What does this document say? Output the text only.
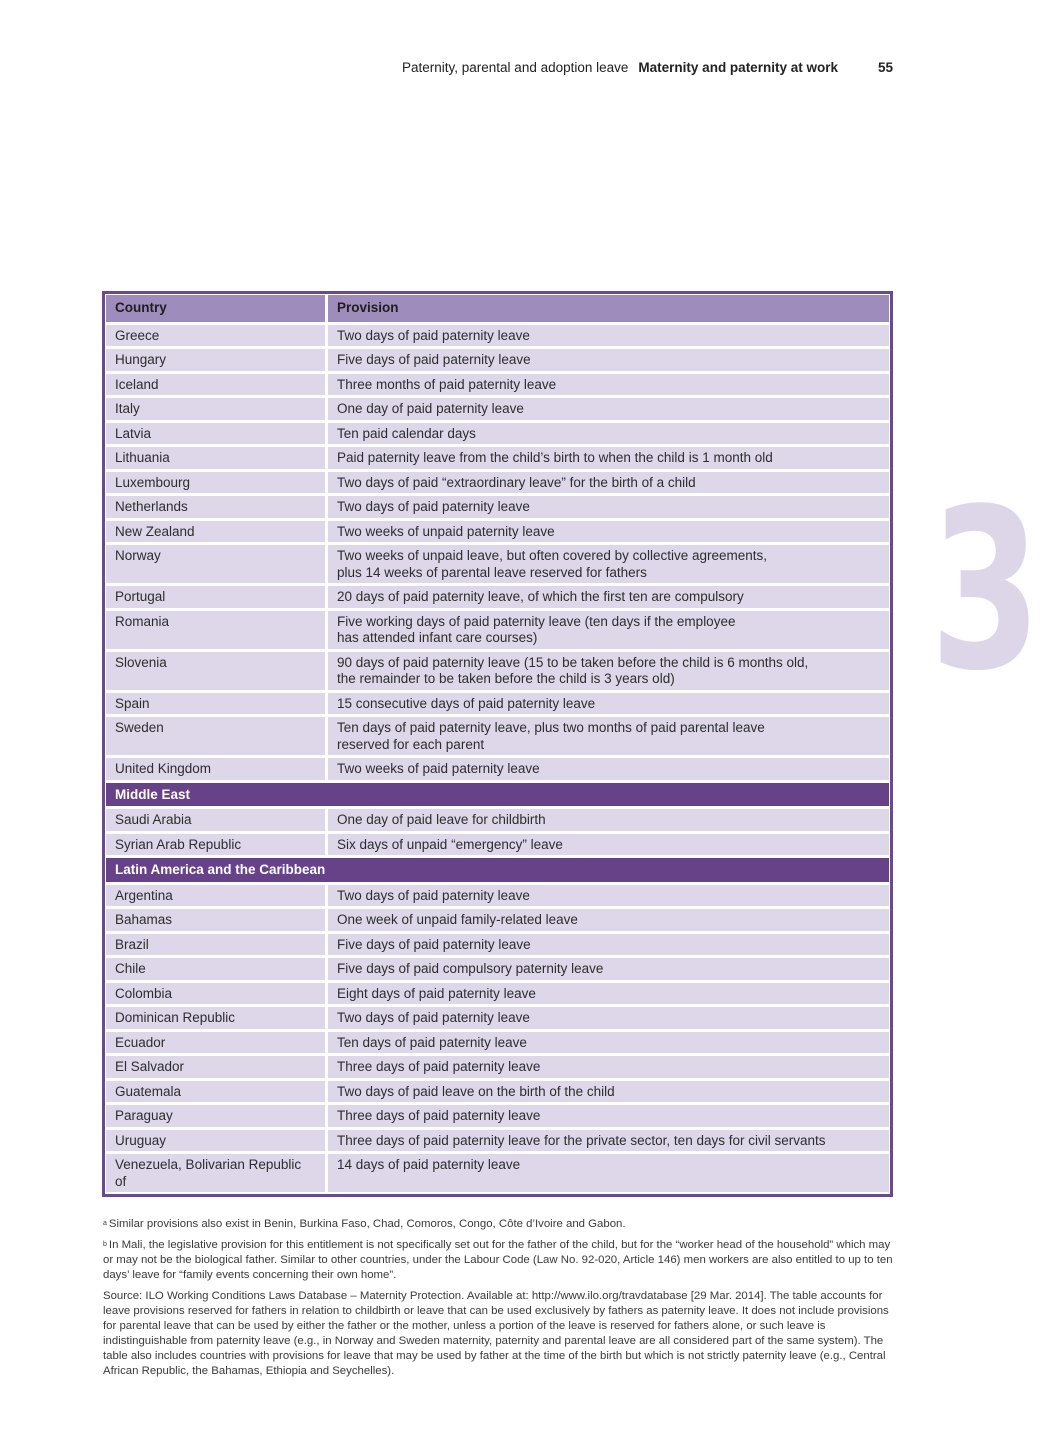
Paternity, parental and adoption leave Maternity and paternity at work	55
3
Country	Provision
Greece	Two days of paid paternity leave
Hungary	Five days of paid paternity leave
Iceland	Three months of paid paternity leave
Italy	One day of paid paternity leave
Latvia	Ten paid calendar days
Lithuania	Paid paternity leave from the child’s birth to when the child is 1 month old
Luxembourg	Two days of paid “extraordinary leave” for the birth of a child
Netherlands	Two days of paid paternity leave
New Zealand	Two weeks of unpaid paternity leave
Norway	Two weeks of unpaid leave, but often covered by collective agreements,
plus 14 weeks of parental leave reserved for fathers
Portugal	20 days of paid paternity leave, of which the first ten are compulsory
Romania	Five working days of paid paternity leave (ten days if the employee
has attended infant care courses)
Slovenia	90 days of paid paternity leave (15 to be taken before the child is 6 months old,
the remainder to be taken before the child is 3 years old)
Spain	15 consecutive days of paid paternity leave
Sweden	Ten days of paid paternity leave, plus two months of paid parental leave
reserved for each parent
United Kingdom	Two weeks of paid paternity leave
Middle East	
Saudi Arabia	One day of paid leave for childbirth
Syrian Arab Republic	Six days of unpaid “emergency” leave
Latin America and the Caribbean	
Argentina	Two days of paid paternity leave
Bahamas	One week of unpaid family-related leave
Brazil	Five days of paid paternity leave
Chile	Five days of paid compulsory paternity leave
Colombia	Eight days of paid paternity leave
Dominican Republic	Two days of paid paternity leave
Ecuador	Ten days of paid paternity leave
El Salvador	Three days of paid paternity leave
Guatemala	Two days of paid leave on the birth of the child
Paraguay	Three days of paid paternity leave
Uruguay	Three days of paid paternity leave for the private sector, ten days for civil servants
Venezuela, Bolivarian Republic of	14 days of paid paternity leave

$^a$ Similar provisions also exist in Benin, Burkina Faso, Chad, Comoros, Congo, Côte d’Ivoire and Gabon.

$^b$ In Mali, the legislative provision for this entitlement is not specifically set out for the father of the child, but for the “worker head of the household” which may or may not be the biological father. Similar to other countries, under the Labour Code (Law No. 92-020, Article 146) men workers are also entitled to up to ten days’ leave for “family events concerning their own home”.

Source: ILO Working Conditions Laws Database – Maternity Protection. Available at: http://www.ilo.org/travdatabase [29 Mar. 2014]. The table accounts for leave provisions reserved for fathers in relation to childbirth or leave that can be used exclusively by fathers as paternity leave. It does not include provisions for parental leave that can be used by either the father or the mother, unless a portion of the leave is reserved for fathers alone, or such leave is indistinguishable from paternity leave (e.g., in Norway and Sweden maternity, paternity and parental leave are all considered part of the same system). The table also includes countries with provisions for leave that may be used by father at the time of the birth but which is not strictly paternity leave (e.g., Central African Republic, the Bahamas, Ethiopia and Seychelles).
